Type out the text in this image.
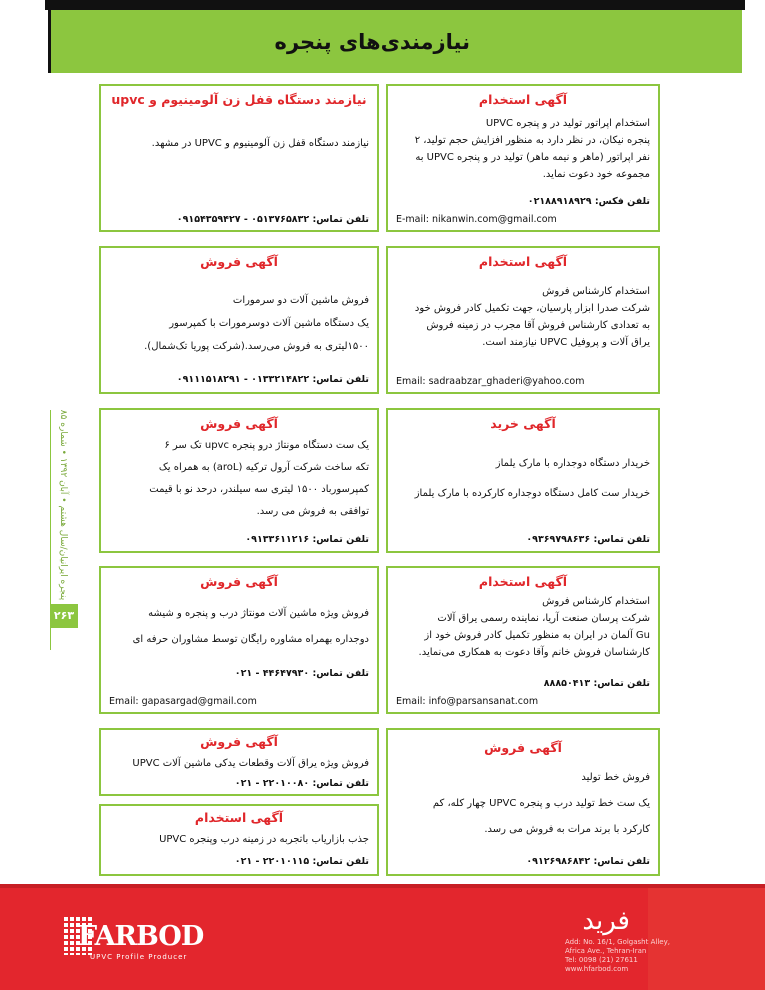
نیازمندی‌های پنجره
پنجره ایرانیان/سال هشتم • آبان ۱۳۹۲ • شماره ۸۵
۲۶۳
آگهی استخدام

استخدام اپراتور تولید در و پنجره UPVC

پنجره نیکان، در نظر دارد به منظور افزایش حجم تولید، ۲

نفر اپراتور (ماهر و نیمه ماهر) تولید در و پنجره UPVC به

مجموعه خود دعوت نماید.

تلفن فکس: ۰۲۱۸۸۹۱۸۹۲۹
E-mail: nikanwin.com@gmail.com
نیازمند دستگاه قفل زن آلومینیوم و upvc

نیازمند دستگاه قفل زن آلومینیوم و UPVC در مشهد.

تلفن تماس: ۰۵۱۳۷۶۵۸۳۲ - ۰۹۱۵۴۳۵۹۴۲۷
آگهی استخدام

استخدام کارشناس فروش

شرکت صدرا ابزار پارسیان، جهت تکمیل کادر فروش خود

به تعدادی کارشناس فروش آقا مجرب در زمینه فروش

یراق آلات و پروفیل UPVC نیازمند است.

Email: sadraabzar_ghaderi@yahoo.com
آگهی فروش

فروش ماشین آلات دو سرمورات

یک دستگاه ماشین آلات دوسرمورات با کمپرسور

۱۵۰۰لیتری به فروش می‌رسد.(شرکت پوریا تک‌شمال).

تلفن تماس: ۰۱۳۳۲۱۴۸۲۲ - ۰۹۱۱۱۵۱۸۲۹۱
آگهی خرید

خریدار دستگاه دوجداره با مارک یلماز

خریدار ست کامل دستگاه دوجداره کارکرده با مارک یلماز

تلفن تماس: ۰۹۳۶۹۷۹۸۶۳۶
آگهی فروش

یک ست دستگاه مونتاژ درو پنجره upvc تک سر ۶

تکه ساخت شرکت آرول ترکیه (aroL) به همراه یک

کمپرسورباد ۱۵۰۰ لیتری سه سیلندر، درحد نو با قیمت

توافقی به فروش می رسد.

تلفن تماس: ۰۹۱۳۳۶۱۱۲۱۶
آگهی استخدام

استخدام کارشناس فروش

شرکت پرسان صنعت آریا، نماینده رسمی یراق آلات

Gu آلمان در ایران به منظور تکمیل کادر فروش خود از

کارشناسان فروش خانم وآقا دعوت به همکاری می‌نماید.

تلفن تماس: ۸۸۸۵۰۴۱۳
Email: info@parsansanat.com
آگهی فروش

فروش ویژه ماشین آلات مونتاژ درب و پنجره و شیشه

دوجداره بهمراه مشاوره رایگان توسط مشاوران حرفه ای

تلفن تماس: ۴۴۶۴۷۹۳۰ - ۰۲۱
Email: gapasargad@gmail.com
آگهی فروش

فروش خط تولید

یک ست خط تولید درب و پنجره UPVC چهار کله، کم

کارکرد با برند مرات به فروش می رسد.

تلفن تماس: ۰۹۱۲۶۹۸۶۸۴۲
آگهی فروش

فروش ویژه یراق آلات وقطعات یدکی ماشین آلات UPVC

تلفن تماس: ۲۲۰۱۰۰۸۰ - ۰۲۱
آگهی استخدام

جذب بازاریاب باتجربه در زمینه درب وپنجره UPVC

تلفن تماس: ۲۲۰۱۰۱۱۵ - ۰۲۱
FARBOD
UPVC Profile Producer
فرید
Add: No. 16/1, Golgasht Alley,
Africa Ave., Tehran-Iran
Tel: 0098 (21) 27611
www.hfarbod.com
